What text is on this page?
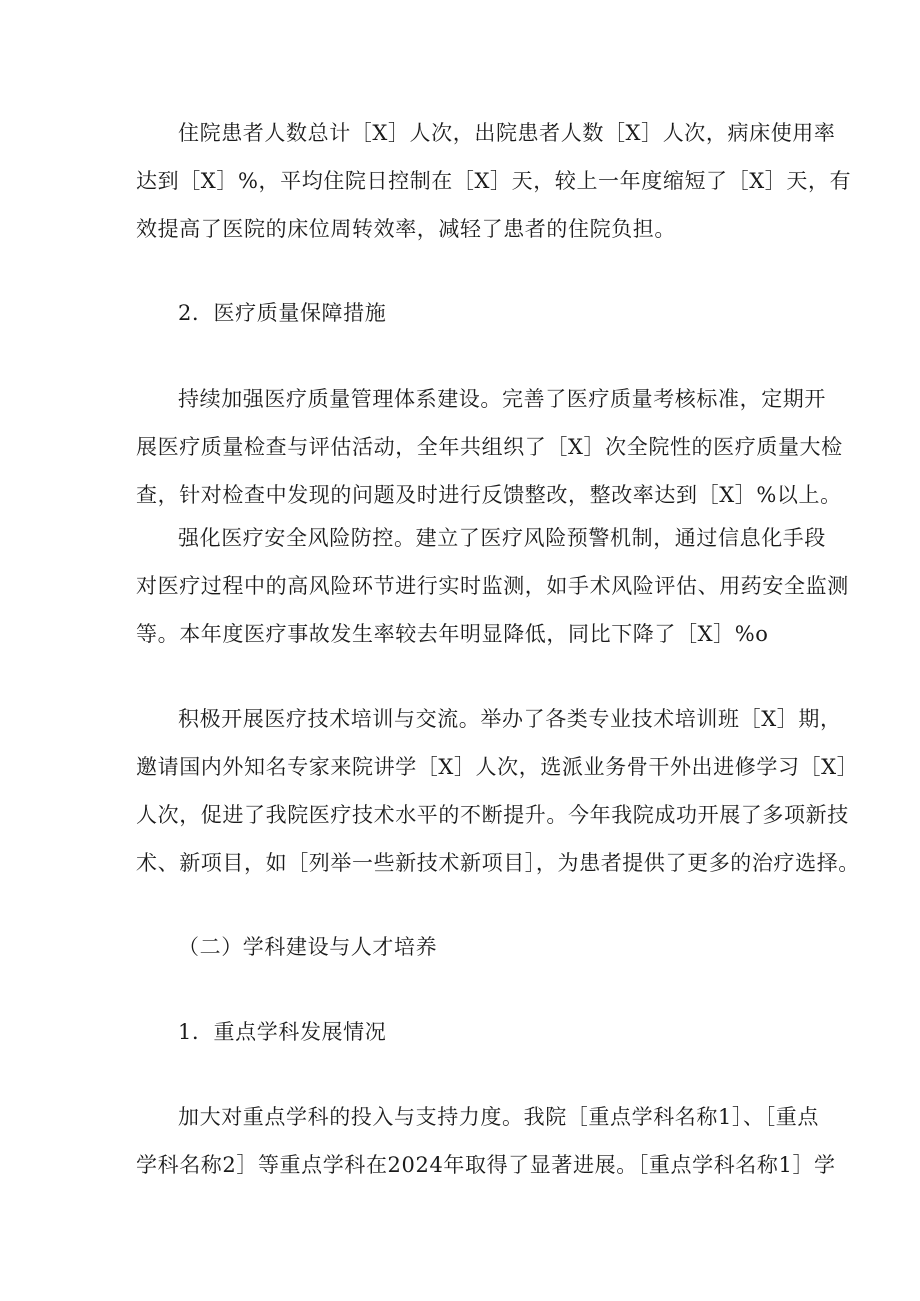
住院患者人数总计［X］人次，出院患者人数［X］人次，病床使用率
达到［X］%，平均住院日控制在［X］天，较上一年度缩短了［X］天，有
效提高了医院的床位周转效率，减轻了患者的住院负担。
2．医疗质量保障措施
持续加强医疗质量管理体系建设。完善了医疗质量考核标准，定期开
展医疗质量检查与评估活动，全年共组织了［X］次全院性的医疗质量大检
查，针对检查中发现的问题及时进行反馈整改，整改率达到［X］%以上。
强化医疗安全风险防控。建立了医疗风险预警机制，通过信息化手段
对医疗过程中的高风险环节进行实时监测，如手术风险评估、用药安全监测
等。本年度医疗事故发生率较去年明显降低，同比下降了［X］%o
积极开展医疗技术培训与交流。举办了各类专业技术培训班［X］期，
邀请国内外知名专家来院讲学［X］人次，选派业务骨干外出进修学习［X］
人次，促进了我院医疗技术水平的不断提升。今年我院成功开展了多项新技
术、新项目，如［列举一些新技术新项目］，为患者提供了更多的治疗选择。
（二）学科建设与人才培养
1．重点学科发展情况
加大对重点学科的投入与支持力度。我院［重点学科名称1］、［重点
学科名称2］等重点学科在2024年取得了显著进展。［重点学科名称1］学
